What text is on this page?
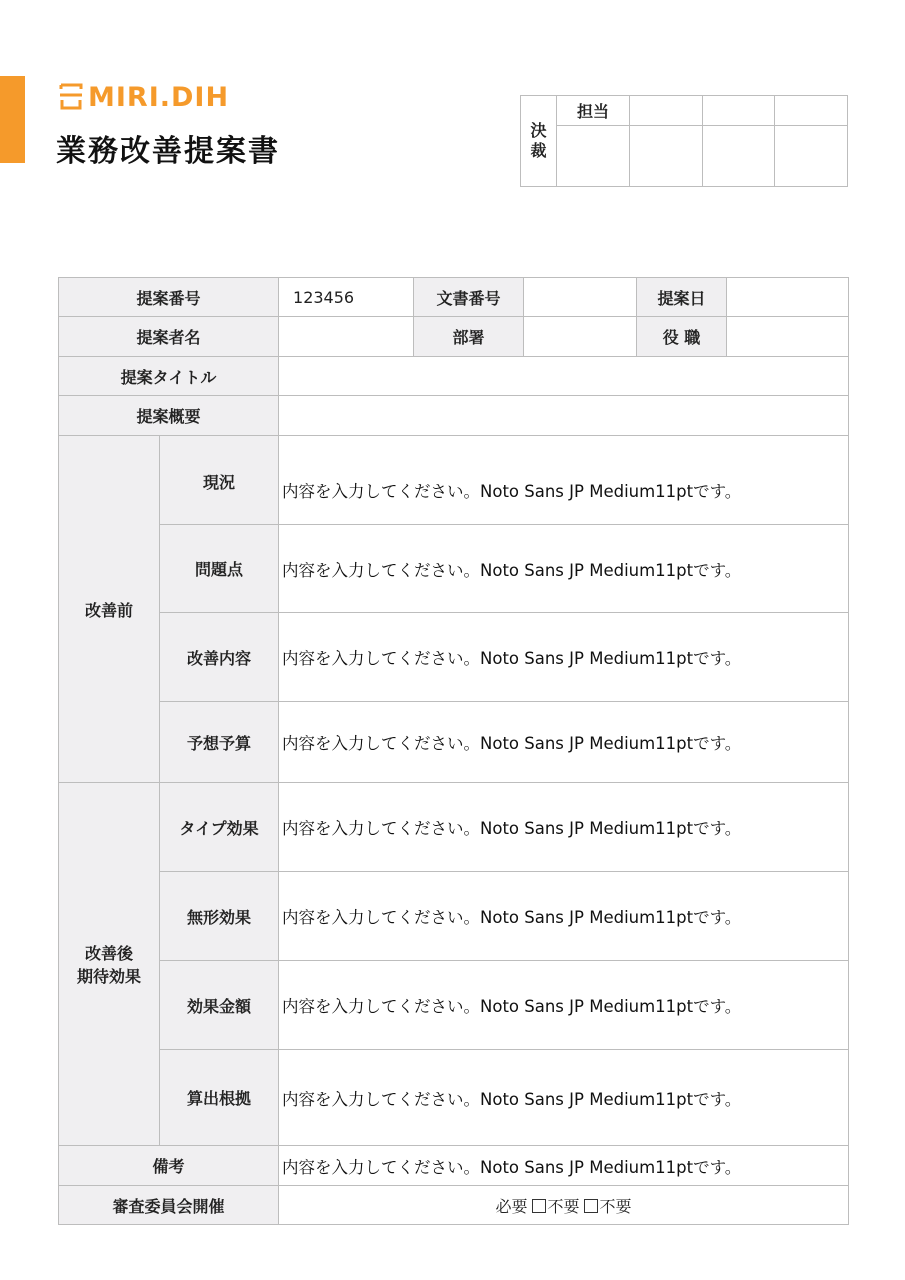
MIRI.DIH
業務改善提案書
決
裁	担当			

提案番号		123456	文書番号		提案日	
提案者名			部署		役 職	
提案タイトル						
提案概要						
改善前	現況	内容を入力してください。Noto Sans JP Medium11ptです。				
	問題点	内容を入力してください。Noto Sans JP Medium11ptです。				
	改善内容	内容を入力してください。Noto Sans JP Medium11ptです。				
	予想予算	内容を入力してください。Noto Sans JP Medium11ptです。				

改善後
期待効果	タイプ効果	内容を入力してください。Noto Sans JP Medium11ptです。				
	無形効果	内容を入力してください。Noto Sans JP Medium11ptです。				
	効果金額	内容を入力してください。Noto Sans JP Medium11ptです。				
	算出根拠	内容を入力してください。Noto Sans JP Medium11ptです。				
備考		内容を入力してください。Noto Sans JP Medium11ptです。				
審査委員会開催		必要 不要 不要				
